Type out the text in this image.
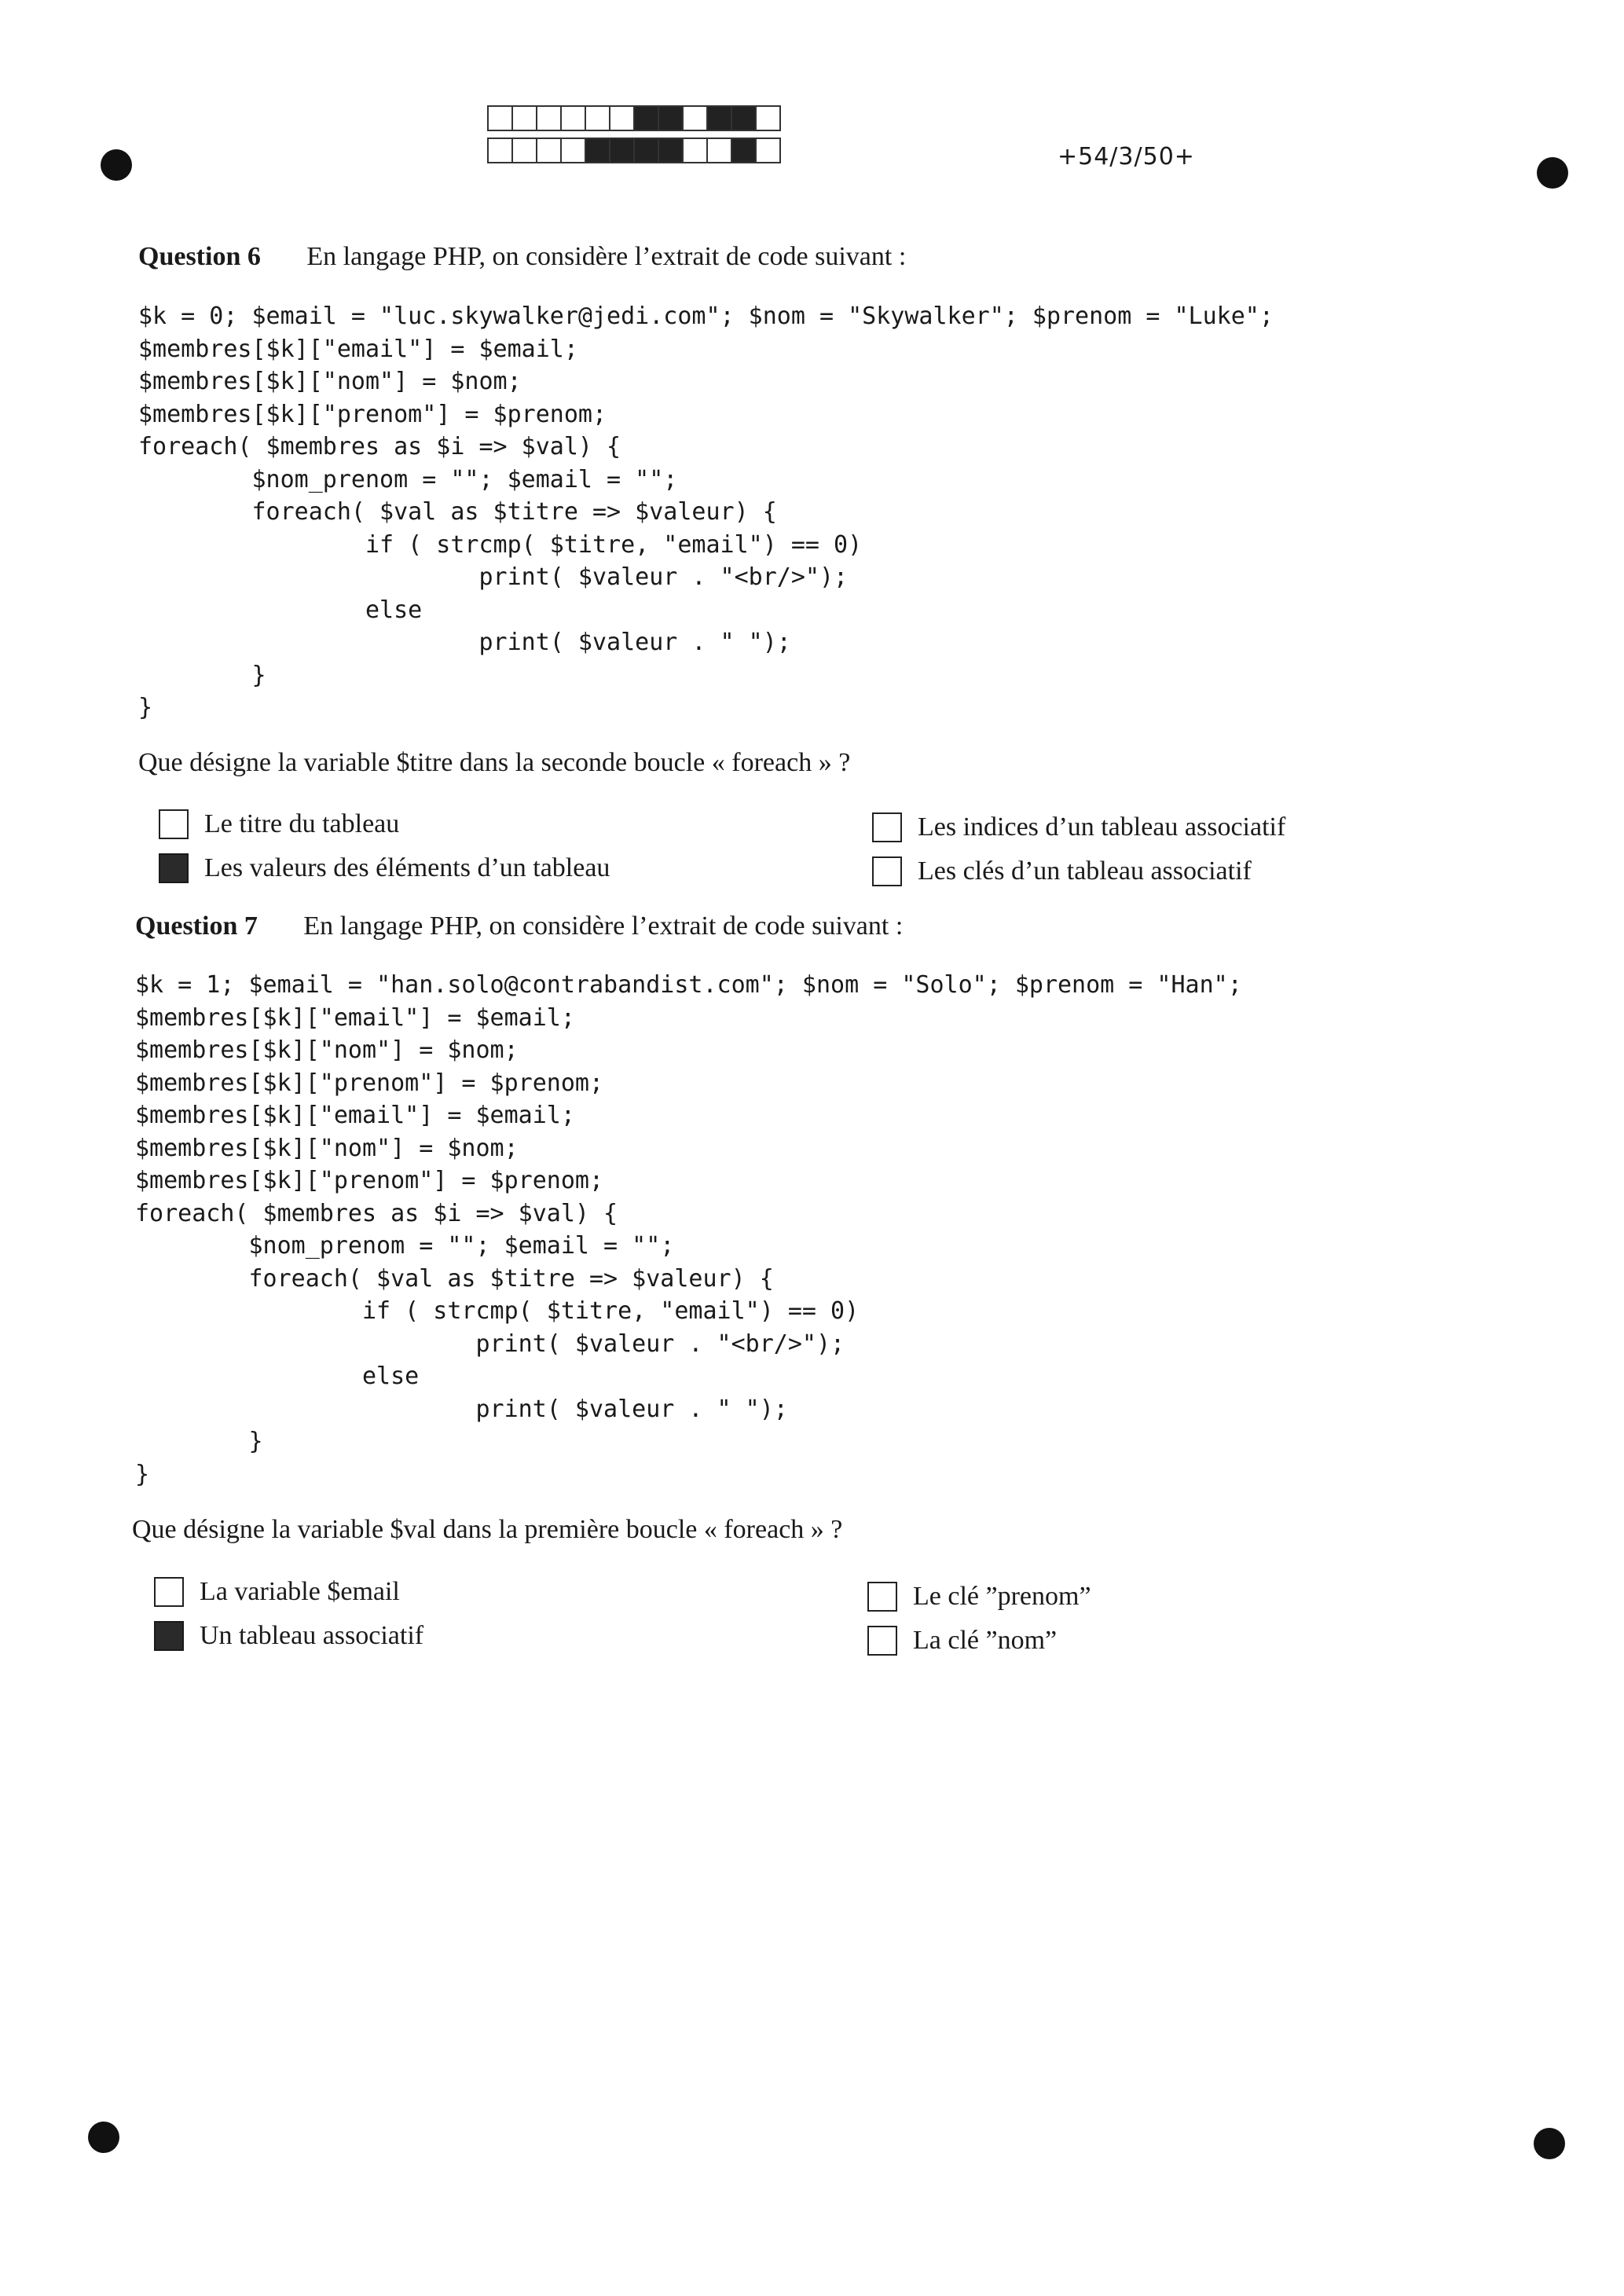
+54/3/50+
Question 6 En langage PHP, on considère l’extrait de code suivant :
$k = 0; $email = "luc.skywalker@jedi.com"; $nom = "Skywalker"; $prenom = "Luke";
$membres[$k]["email"] = $email;
$membres[$k]["nom"] = $nom;
$membres[$k]["prenom"] = $prenom;
foreach( $membres as $i => $val) {
$nom_prenom = ""; $email = "";
foreach( $val as $titre => $valeur) {
if ( strcmp( $titre, "email") == 0)
print( $valeur . "<br/>");
else
print( $valeur . " ");
}
}
Que désigne la variable $titre dans la seconde boucle « foreach » ?
Le titre du tableau
Les valeurs des éléments d’un tableau
Les indices d’un tableau associatif
Les clés d’un tableau associatif
Question 7 En langage PHP, on considère l’extrait de code suivant :
$k = 1; $email = "han.solo@contrabandist.com"; $nom = "Solo"; $prenom = "Han";
$membres[$k]["email"] = $email;
$membres[$k]["nom"] = $nom;
$membres[$k]["prenom"] = $prenom;
$membres[$k]["email"] = $email;
$membres[$k]["nom"] = $nom;
$membres[$k]["prenom"] = $prenom;
foreach( $membres as $i => $val) {
$nom_prenom = ""; $email = "";
foreach( $val as $titre => $valeur) {
if ( strcmp( $titre, "email") == 0)
print( $valeur . "<br/>");
else
print( $valeur . " ");
}
}
Que désigne la variable $val dans la première boucle « foreach » ?
La variable $email
Un tableau associatif
Le clé ”prenom”
La clé ”nom”
